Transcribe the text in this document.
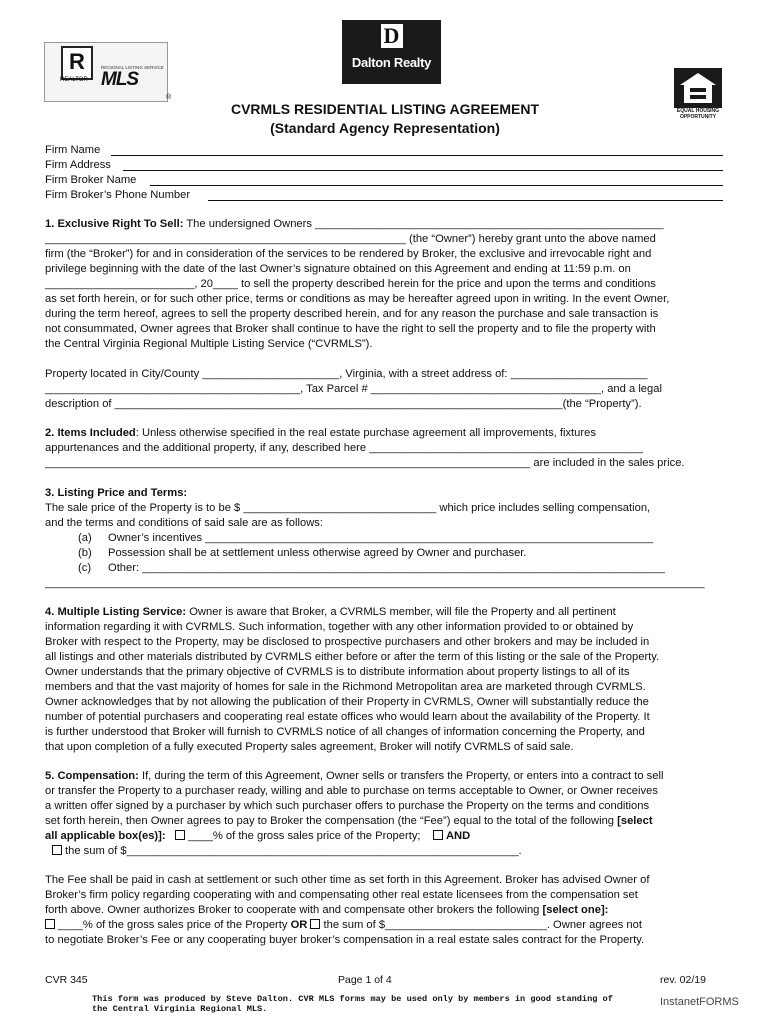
R
REALTOR
REGIONAL LISTING SERVICE
MLS
®
D
Dalton Realty
EQUAL HOUSING
OPPORTUNITY
CVRMLS RESIDENTIAL LISTING AGREEMENT
(Standard Agency Representation)
Firm Name
Firm Address
Firm Broker Name
Firm Broker’s Phone Number
1. Exclusive Right To Sell: The undersigned Owners ________________________________________________________
__________________________________________________________ (the “Owner”) hereby grant unto the above named
firm (the “Broker”) for and in consideration of the services to be rendered by Broker, the exclusive and irrevocable right and
privilege beginning with the date of the last Owner’s signature obtained on this Agreement and ending at 11:59 p.m. on
________________________, 20____ to sell the property described herein for the price and upon the terms and conditions
as set forth herein, or for such other price, terms or conditions as may be hereafter agreed upon in writing. In the event Owner,
during the term hereof, agrees to sell the property described herein, and for any reason the purchase and sale transaction is
not consummated, Owner agrees that Broker shall continue to have the right to sell the property and to file the property with
the Central Virginia Regional Multiple Listing Service (“CVRMLS”).
Property located in City/County ______________________, Virginia, with a street address of: ______________________
_________________________________________, Tax Parcel # _____________________________________, and a legal
description of ________________________________________________________________________(the “Property”).
2. Items Included: Unless otherwise specified in the real estate purchase agreement all improvements, fixtures
appurtenances and the additional property, if any, described here ____________________________________________
______________________________________________________________________________ are included in the sales price.
3. Listing Price and Terms:
The sale price of the Property is to be $ _______________________________ which price includes selling compensation,
and the terms and conditions of said sale are as follows:
(a) Owner’s incentives ________________________________________________________________________
(b) Possession shall be at settlement unless otherwise agreed by Owner and purchaser.
(c) Other: ____________________________________________________________________________________
__________________________________________________________________________________________________________
4. Multiple Listing Service: Owner is aware that Broker, a CVRMLS member, will file the Property and all pertinent
information regarding it with CVRMLS. Such information, together with any other information provided to or obtained by
Broker with respect to the Property, may be disclosed to prospective purchasers and other brokers and may be included in
all listings and other materials distributed by CVRMLS either before or after the term of this listing or the sale of the Property.
Owner understands that the primary objective of CVRMLS is to distribute information about property listings to all of its
members and that the vast majority of homes for sale in the Richmond Metropolitan area are marketed through CVRMLS.
Owner acknowledges that by not allowing the publication of their Property in CVRMLS, Owner will substantially reduce the
number of potential purchasers and cooperating real estate offices who would learn about the availability of the Property. It
is further understood that Broker will furnish to CVRMLS notice of all changes of information concerning the Property, and
that upon completion of a fully executed Property sales agreement, Broker will notify CVRMLS of said sale.
5. Compensation: If, during the term of this Agreement, Owner sells or transfers the Property, or enters into a contract to sell
or transfer the Property to a purchaser ready, willing and able to purchase on terms acceptable to Owner, or Owner receives
a written offer signed by a purchaser by which such purchaser offers to purchase the Property on the terms and conditions
set forth herein, then Owner agrees to pay to Broker the compensation (the “Fee”) equal to the total of the following [select
all applicable box(es)]: ____% of the gross sales price of the Property; AND
the sum of $_______________________________________________________________.
The Fee shall be paid in cash at settlement or such other time as set forth in this Agreement. Broker has advised Owner of
Broker’s firm policy regarding cooperating with and compensating other real estate licensees from the compensation set
forth above. Owner authorizes Broker to cooperate with and compensate other brokers the following [select one]:
____% of the gross sales price of the Property OR the sum of $__________________________. Owner agrees not
to negotiate Broker’s Fee or any cooperating buyer broker’s compensation in a real estate sales contract for the Property.
CVR 345	Page 1 of 4	rev. 02/19
This form was produced by Steve Dalton. CVR MLS forms may be used only by members in good standing of
the Central Virginia Regional MLS.
InstanetFORMS
